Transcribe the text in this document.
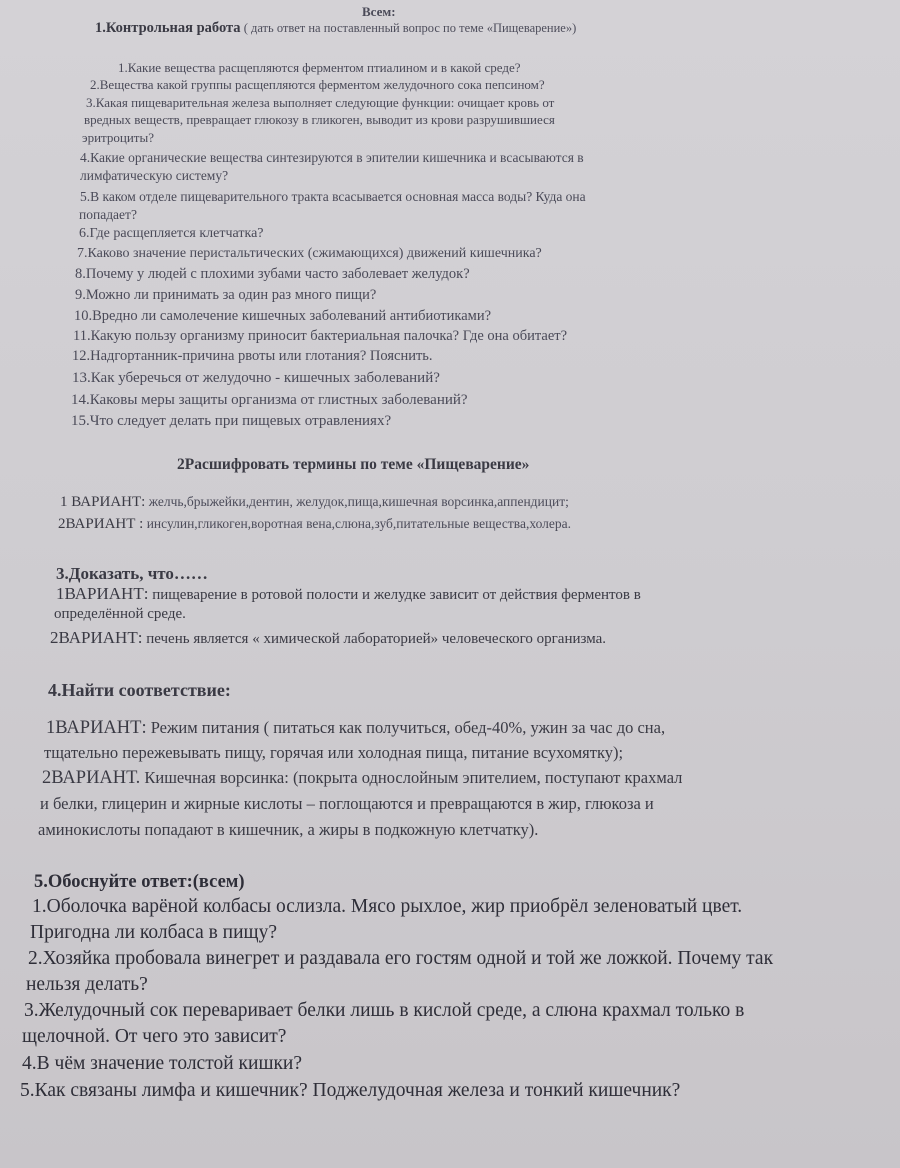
Всем:
1.Контрольная работа ( дать ответ на поставленный вопрос по теме «Пищеварение»)
1.Какие вещества расщепляются ферментом птиалином и в какой среде?
2.Вещества какой группы расщепляются ферментом желудочного сока пепсином?
3.Какая пищеварительная железа выполняет следующие функции: очищает кровь от
вредных веществ, превращает глюкозу в гликоген, выводит из крови разрушившиеся
эритроциты?
4.Какие органические вещества синтезируются в эпителии кишечника и всасываются в
лимфатическую систему?
5.В каком отделе пищеварительного тракта всасывается основная масса воды? Куда она
попадает?
6.Где расщепляется клетчатка?
7.Каково значение перистальтических (сжимающихся) движений кишечника?
8.Почему у людей с плохими зубами часто заболевает желудок?
9.Можно ли принимать за один раз много пищи?
10.Вредно ли самолечение кишечных заболеваний антибиотиками?
11.Какую пользу организму приносит бактериальная палочка? Где она обитает?
12.Надгортанник-причина рвоты или глотания? Пояснить.
13.Как уберечься от желудочно - кишечных заболеваний?
14.Каковы меры защиты организма от глистных заболеваний?
15.Что следует делать при пищевых отравлениях?
2Расшифровать термины по теме «Пищеварение»
1 ВАРИАНТ: желчь,брыжейки,дентин, желудок,пища,кишечная ворсинка,аппендицит;
2ВАРИАНТ : инсулин,гликоген,воротная вена,слюна,зуб,питательные вещества,холера.
3.Доказать, что……
1ВАРИАНТ: пищеварение в ротовой полости и желудке зависит от действия ферментов в
определённой среде.
2ВАРИАНТ: печень является « химической лабораторией» человеческого организма.
4.Найти соответствие:
1ВАРИАНТ: Режим питания ( питаться как получиться, обед-40%, ужин за час до сна,
тщательно пережевывать пищу, горячая или холодная пища, питание всухомятку);
2ВАРИАНТ. Кишечная ворсинка: (покрыта однослойным эпителием, поступают крахмал
и белки, глицерин и жирные кислоты – поглощаются и превращаются в жир, глюкоза и
аминокислоты попадают в кишечник, а жиры в подкожную клетчатку).
5.Обоснуйте ответ:(всем)
1.Оболочка варёной колбасы ослизла. Мясо рыхлое, жир приобрёл зеленоватый цвет.
Пригодна ли колбаса в пищу?
2.Хозяйка пробовала винегрет и раздавала его гостям одной и той же ложкой. Почему так
нельзя делать?
3.Желудочный сок переваривает белки лишь в кислой среде, а слюна крахмал только в
щелочной. От чего это зависит?
4.В чём значение толстой кишки?
5.Как связаны лимфа и кишечник? Поджелудочная железа и тонкий кишечник?
